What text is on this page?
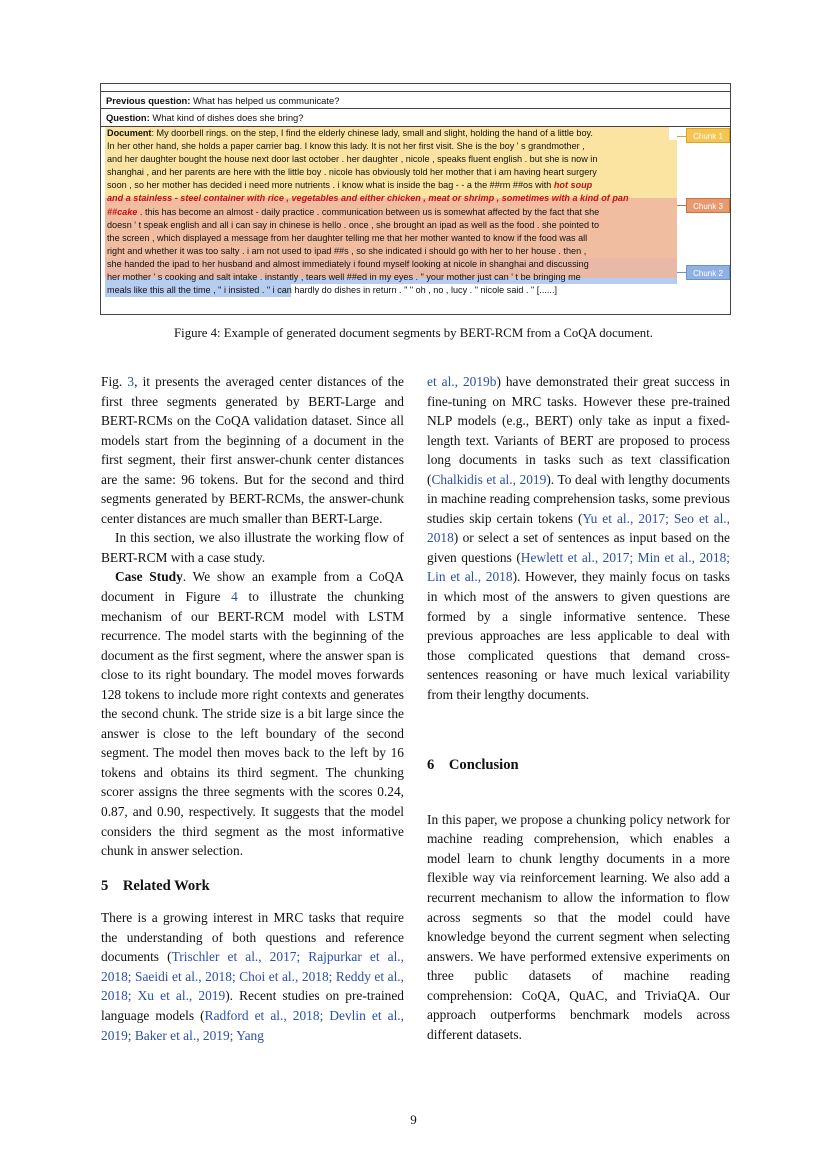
Previous question: What has helped us communicate?
Question: What kind of dishes does she bring?
Document: My doorbell rings. on the step, I find the elderly chinese lady, small and slight, holding the hand of a little boy.
In her other hand, she holds a paper carrier bag. I know this lady. It is not her first visit. She is the boy ' s grandmother ,
and her daughter bought the house next door last october . her daughter , nicole , speaks fluent english . but she is now in
shanghai , and her parents are here with the little boy . nicole has obviously told her mother that i am having heart surgery
soon , so her mother has decided i need more nutrients . i know what is inside the bag - - a the ##rm ##os with hot soup
and a stainless - steel container with rice , vegetables and either chicken , meat or shrimp , sometimes with a kind of pan
##cake . this has become an almost - daily practice . communication between us is somewhat affected by the fact that she
doesn ' t speak english and all i can say in chinese is hello . once , she brought an ipad as well as the food . she pointed to
the screen , which displayed a message from her daughter telling me that her mother wanted to know if the food was all
right and whether it was too salty . i am not used to ipad ##s , so she indicated i should go with her to her house . then ,
she handed the ipad to her husband and almost immediately i found myself looking at nicole in shanghai and discussing
her mother ' s cooking and salt intake . instantly , tears well ##ed in my eyes . " your mother just can ' t be bringing me
meals like this all the time , " i insisted . " i can hardly do dishes in return . " " oh , no , lucy . " nicole said . " [......]
Chunk 1
Chunk 3
Chunk 2
Figure 4: Example of generated document segments by BERT-RCM from a CoQA document.

Fig. 3, it presents the averaged center distances of the first three segments generated by BERT-Large and BERT-RCMs on the CoQA validation dataset. Since all models start from the beginning of a document in the first segment, their first answer-chunk center distances are the same: 96 tokens. But for the second and third segments generated by BERT-RCMs, the answer-chunk center distances are much smaller than BERT-Large.

In this section, we also illustrate the working flow of BERT-RCM with a case study.

Case Study. We show an example from a CoQA document in Figure 4 to illustrate the chunking mechanism of our BERT-RCM model with LSTM recurrence. The model starts with the beginning of the document as the first segment, where the answer span is close to its right boundary. The model moves forwards 128 tokens to include more right contexts and generates the second chunk. The stride size is a bit large since the answer is close to the left boundary of the second segment. The model then moves back to the left by 16 tokens and obtains its third segment. The chunking scorer assigns the three segments with the scores 0.24, 0.87, and 0.90, respectively. It suggests that the model considers the third segment as the most informative chunk in answer selection.

5 Related Work

There is a growing interest in MRC tasks that require the understanding of both questions and reference documents (Trischler et al., 2017; Rajpurkar et al., 2018; Saeidi et al., 2018; Choi et al., 2018; Reddy et al., 2018; Xu et al., 2019). Recent studies on pre-trained language models (Radford et al., 2018; Devlin et al., 2019; Baker et al., 2019; Yang

et al., 2019b) have demonstrated their great success in fine-tuning on MRC tasks. However these pre-trained NLP models (e.g., BERT) only take as input a fixed-length text. Variants of BERT are proposed to process long documents in tasks such as text classification (Chalkidis et al., 2019). To deal with lengthy documents in machine reading comprehension tasks, some previous studies skip certain tokens (Yu et al., 2017; Seo et al., 2018) or select a set of sentences as input based on the given questions (Hewlett et al., 2017; Min et al., 2018; Lin et al., 2018). However, they mainly focus on tasks in which most of the answers to given questions are formed by a single informative sentence. These previous approaches are less applicable to deal with those complicated questions that demand cross-sentences reasoning or have much lexical variability from their lengthy documents.

6 Conclusion

In this paper, we propose a chunking policy network for machine reading comprehension, which enables a model learn to chunk lengthy documents in a more flexible way via reinforcement learning. We also add a recurrent mechanism to allow the information to flow across segments so that the model could have knowledge beyond the current segment when selecting answers. We have performed extensive experiments on three public datasets of machine reading comprehension: CoQA, QuAC, and TriviaQA. Our approach outperforms benchmark models across different datasets.

9
